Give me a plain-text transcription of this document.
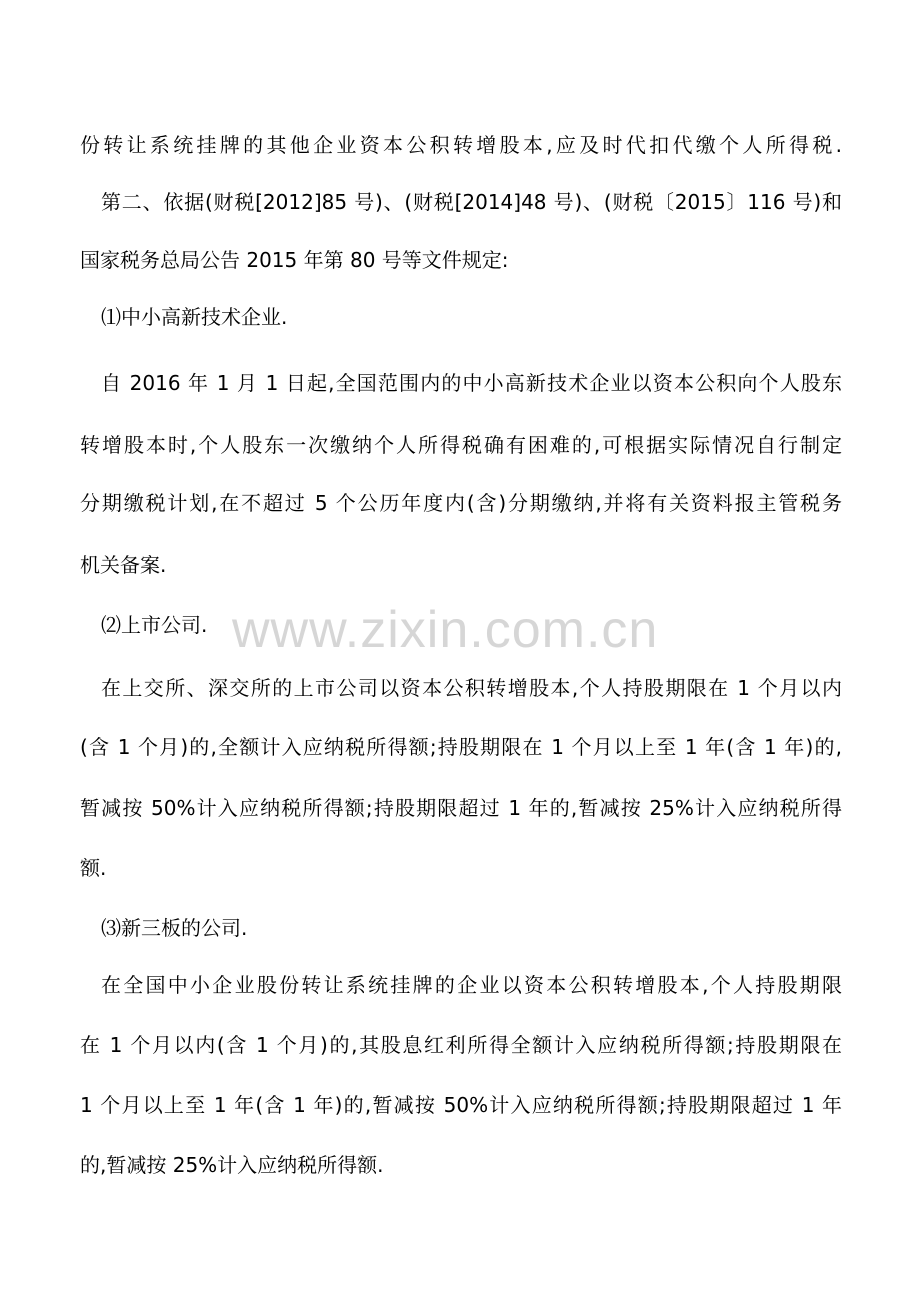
www.zixin.com.cn
份转让系统挂牌的其他企业资本公积转增股本,应及时代扣代缴个人所得税.
第二、依据(财税[2012]85 号)、(财税[2014]48 号)、(财税〔2015〕116 号)和
国家税务总局公告 2015 年第 80 号等文件规定:
⑴中小高新技术企业.
自 2016 年 1 月 1 日起,全国范围内的中小高新技术企业以资本公积向个人股东
转增股本时,个人股东一次缴纳个人所得税确有困难的,可根据实际情况自行制定
分期缴税计划,在不超过 5 个公历年度内(含)分期缴纳,并将有关资料报主管税务
机关备案.
⑵上市公司.
在上交所、深交所的上市公司以资本公积转增股本,个人持股期限在 1 个月以内
(含 1 个月)的,全额计入应纳税所得额;持股期限在 1 个月以上至 1 年(含 1 年)的,
暂减按 50%计入应纳税所得额;持股期限超过 1 年的,暂减按 25%计入应纳税所得
额.
⑶新三板的公司.
在全国中小企业股份转让系统挂牌的企业以资本公积转增股本,个人持股期限
在 1 个月以内(含 1 个月)的,其股息红利所得全额计入应纳税所得额;持股期限在
1 个月以上至 1 年(含 1 年)的,暂减按 50%计入应纳税所得额;持股期限超过 1 年
的,暂减按 25%计入应纳税所得额.
